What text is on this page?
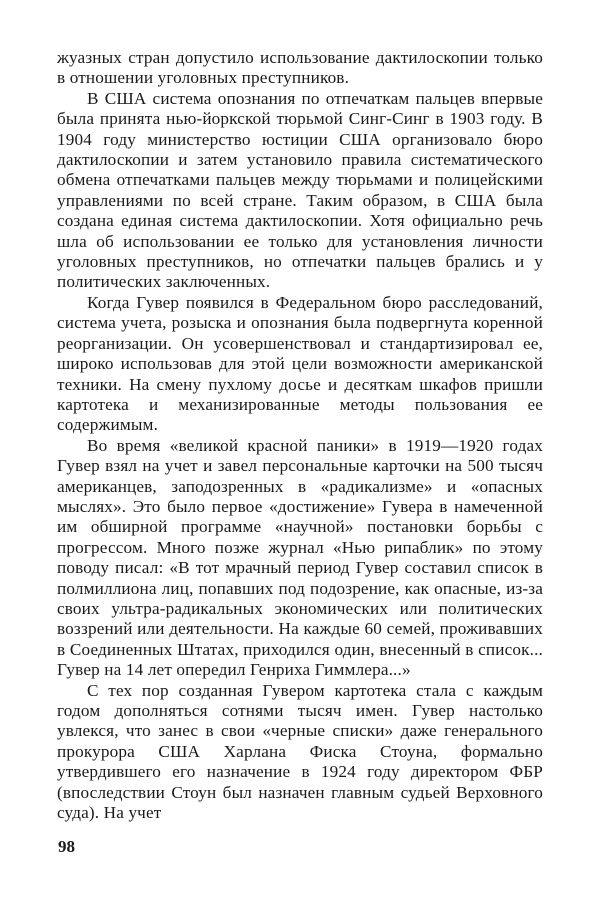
жуазных стран допустило использование дактилоскопии только в отношении уголовных преступников.

В США система опознания по отпечаткам пальцев впервые была принята нью-йоркской тюрьмой Синг-Синг в 1903 году. В 1904 году министерство юстиции США организовало бюро дактилоскопии и затем установило правила систематического обмена отпечатками пальцев между тюрьмами и полицейскими управлениями по всей стране. Таким образом, в США была создана единая система дактилоскопии. Хотя официально речь шла об использовании ее только для установления личности уголовных преступников, но отпечатки пальцев брались и у политических заключенных.

Когда Гувер появился в Федеральном бюро расследований, система учета, розыска и опознания была подвергнута коренной реорганизации. Он усовершенствовал и стандартизировал ее, широко использовав для этой цели возможности американской техники. На смену пухлому досье и десяткам шкафов пришли картотека и механизированные методы пользования ее содержимым.

Во время «великой красной паники» в 1919—1920 годах Гувер взял на учет и завел персональные карточки на 500 тысяч американцев, заподозренных в «радикализме» и «опасных мыслях». Это было первое «достижение» Гувера в намеченной им обширной программе «научной» постановки борьбы с прогрессом. Много позже журнал «Нью рипаблик» по этому поводу писал: «В тот мрачный период Гувер составил список в полмиллиона лиц, попавших под подозрение, как опасные, из-за своих ультра-радикальных экономических или политических воззрений или деятельности. На каждые 60 семей, проживавших в Соединенных Штатах, приходился один, внесенный в список... Гувер на 14 лет опередил Генриха Гиммлера...»

С тех пор созданная Гувером картотека стала с каждым годом дополняться сотнями тысяч имен. Гувер настолько увлекся, что занес в свои «черные списки» даже генерального прокурора США Харлана Фиска Стоуна, формально утвердившего его назначение в 1924 году директором ФБР (впоследствии Стоун был назначен главным судьей Верховного суда). На учет

98
